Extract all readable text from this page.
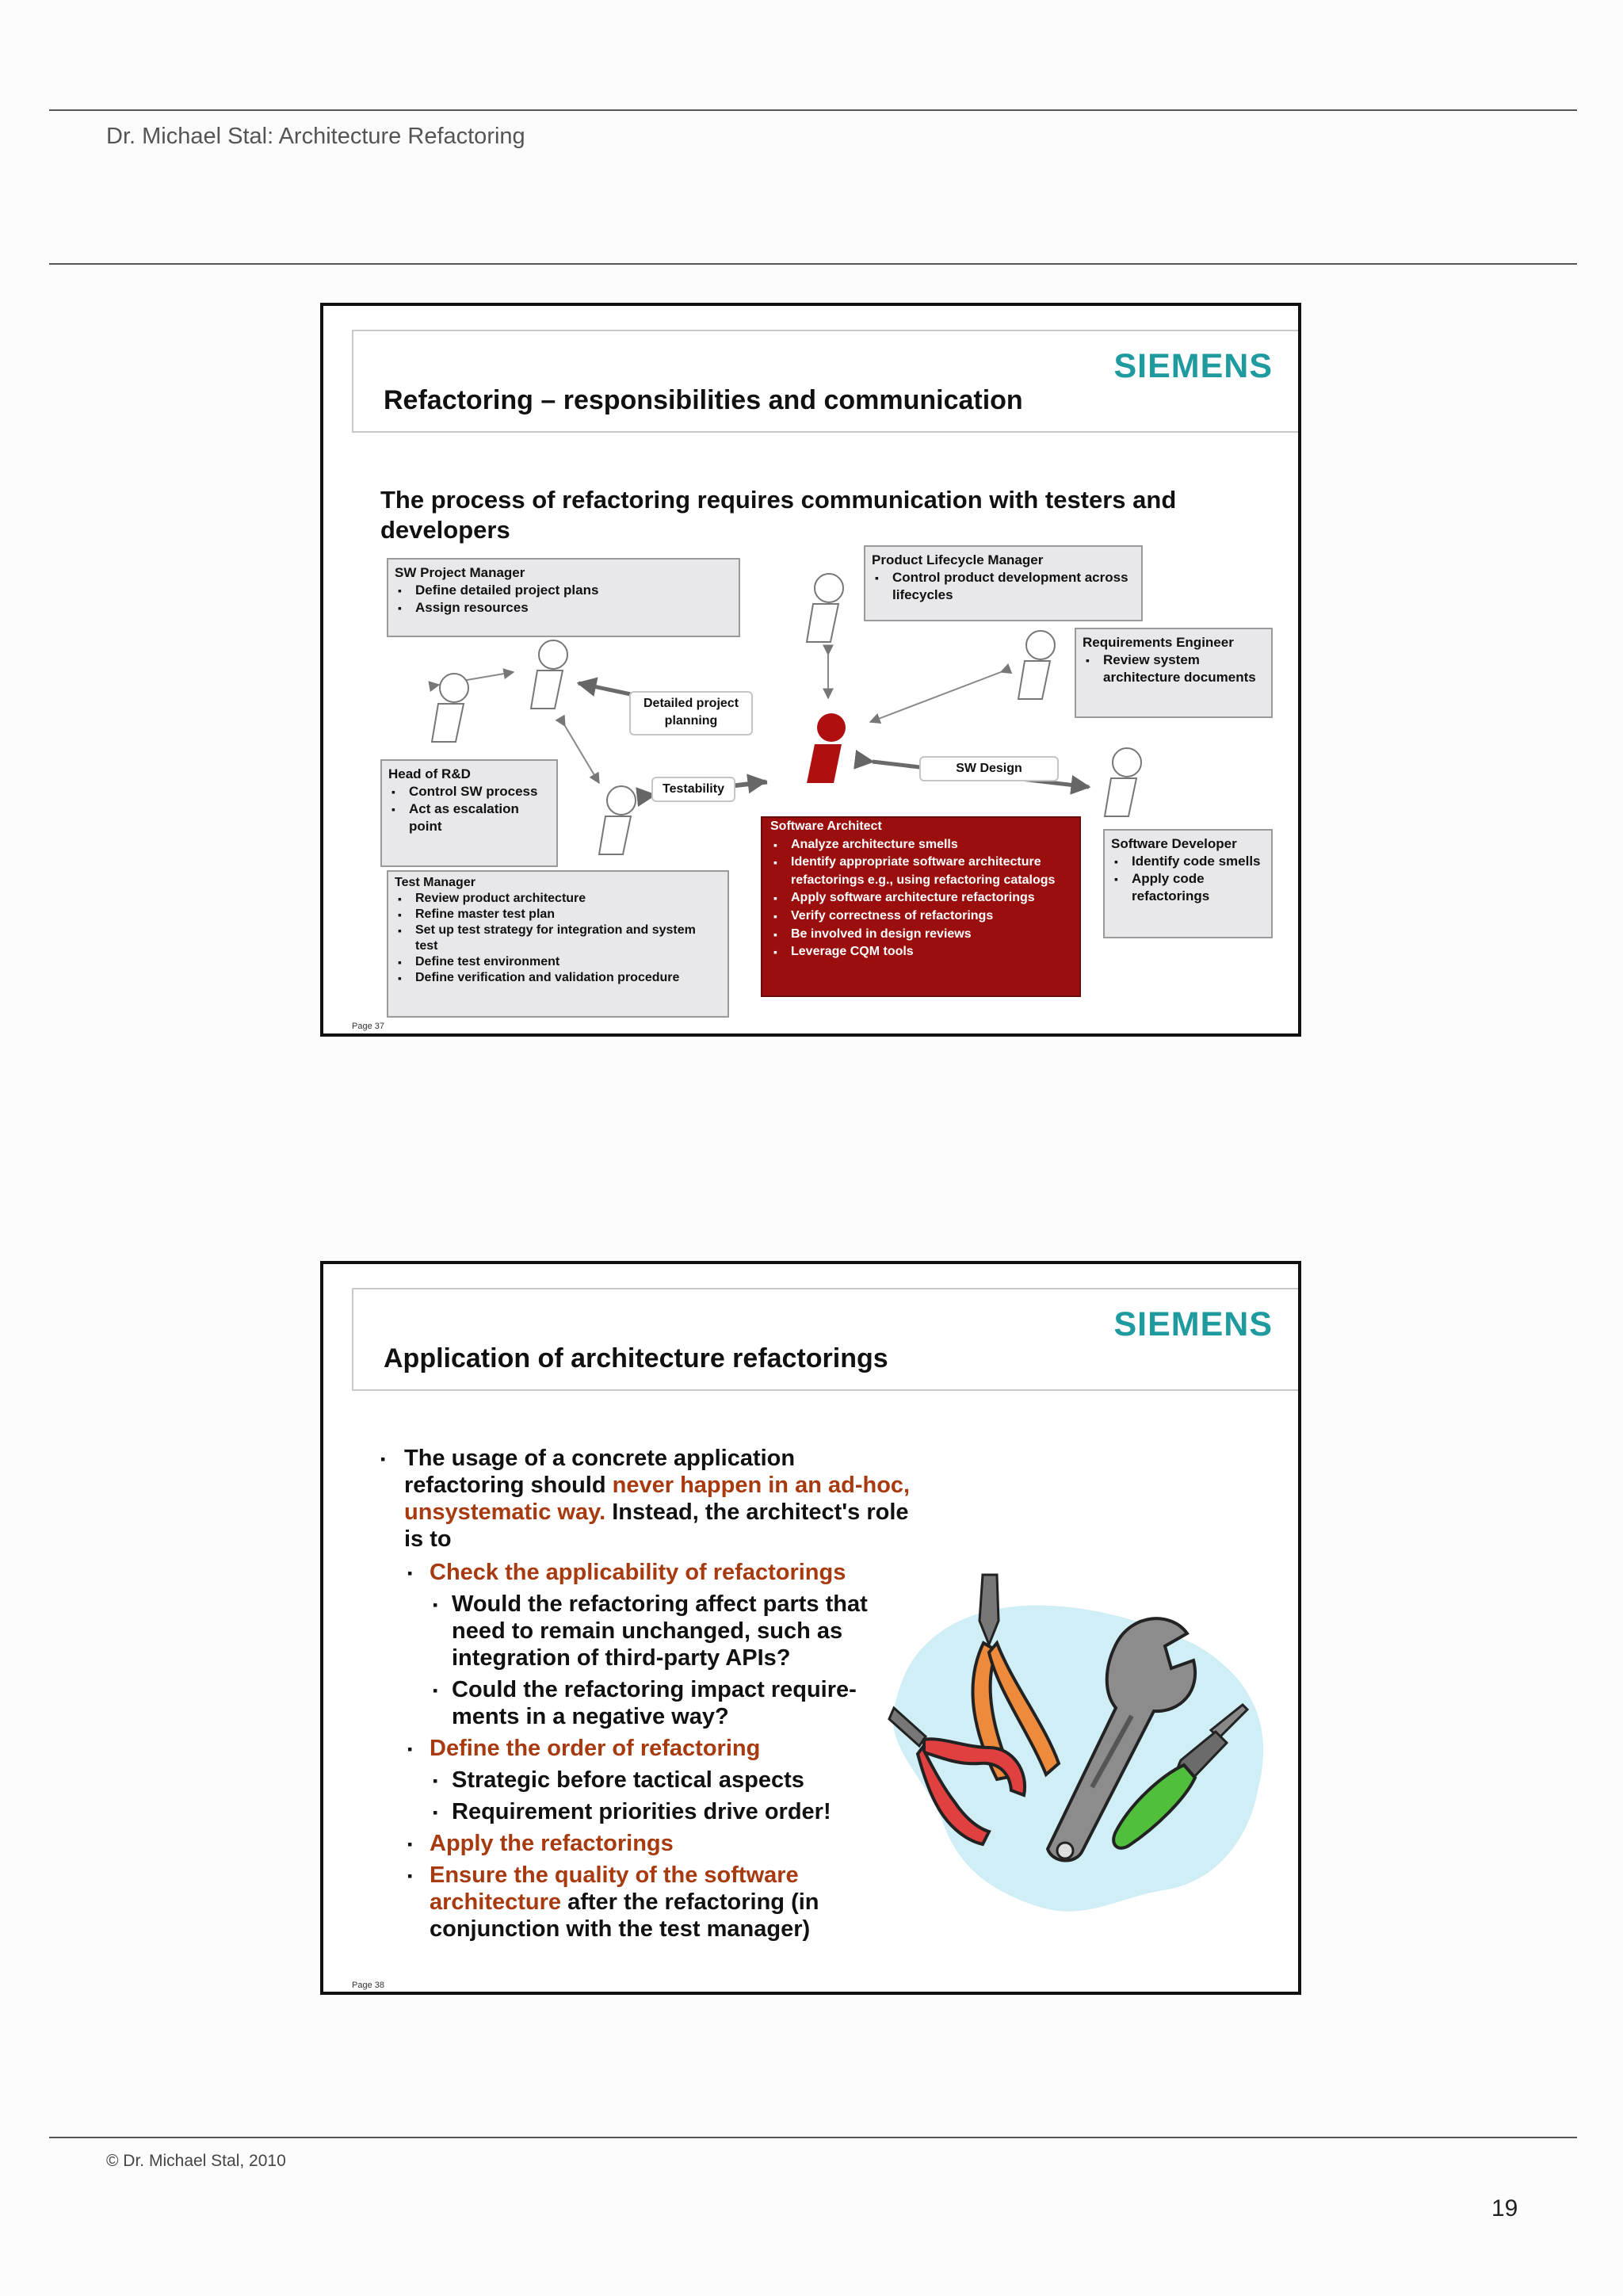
Dr. Michael Stal: Architecture Refactoring
SIEMENS
Refactoring – responsibilities and communication
The process of refactoring requires communication with testers and developers
SW Project Manager
▪ Define detailed project plans
▪ Assign resources
Product Lifecycle Manager
▪ Control product development across lifecycles
Requirements Engineer
▪ Review system architecture documents
Head of R&D
▪ Control SW process
▪ Act as escalation point
Test Manager
▪ Review product architecture
▪ Refine master test plan
▪ Set up test strategy for integration and system test
▪ Define test environment
▪ Define verification and validation procedure
Software Architect
▪ Analyze architecture smells
▪ Identify appropriate software architecture refactorings e.g., using refactoring catalogs
▪ Apply software architecture refactorings
▪ Verify correctness of refactorings
▪ Be involved in design reviews
▪ Leverage CQM tools
Software Developer
▪ Identify code smells
▪ Apply code refactorings
Detailed project planning
Testability
SW Design
Page 37
SIEMENS
Application of architecture refactorings
▪ The usage of a concrete application refactoring should never happen in an ad-hoc, unsystematic way. Instead, the architect's role is to
▪ Check the applicability of refactorings
▪ Would the refactoring affect parts that need to remain unchanged, such as integration of third-party APIs?
▪ Could the refactoring impact require-ments in a negative way?
▪ Define the order of refactoring
▪ Strategic before tactical aspects
▪ Requirement priorities drive order!
▪ Apply the refactorings
▪ Ensure the quality of the software architecture after the refactoring (in conjunction with the test manager)
Page 38
© Dr. Michael Stal, 2010
19
